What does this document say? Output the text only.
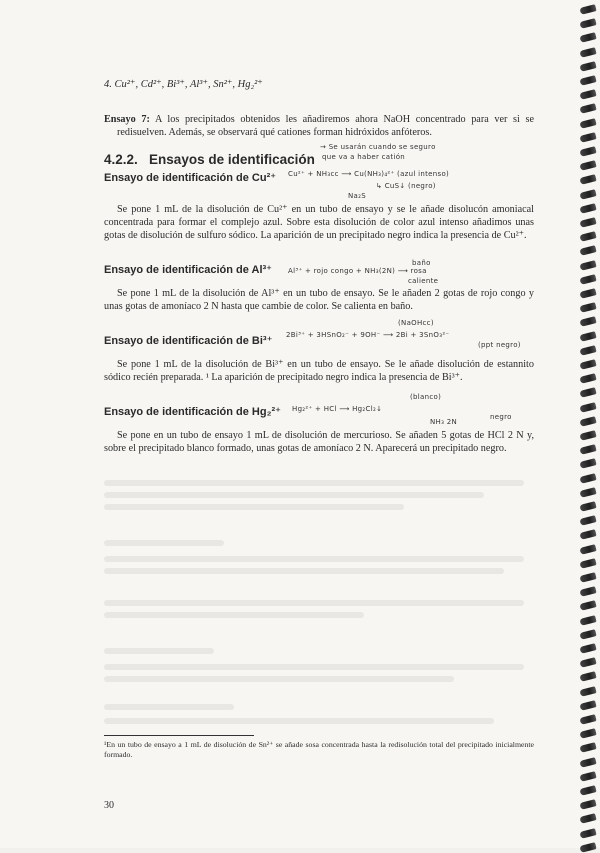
4. Cu²⁺, Cd²⁺, Bi³⁺, Al³⁺, Sn²⁺, Hg₂²⁺

Ensayo 7: A los precipitados obtenidos les añadiremos ahora NaOH concentrado para ver si se redisuelven. Además, se observará qué cationes forman hidróxidos anfóteros.

4.2.2. Ensayos de identificación
Ensayo de identificación de Cu²⁺

Se pone 1 mL de la disolución de Cu²⁺ en un tubo de ensayo y se le añade disolucón amoniacal concentrada para formar el complejo azul. Sobre esta disolución de color azul intenso añadimos unas gotas de disolución de sulfuro sódico. La aparición de un precipitado negro indica la presencia de Cu²⁺.

Ensayo de identificación de Al³⁺

Se pone 1 mL de la disolución de Al³⁺ en un tubo de ensayo. Se le añaden 2 gotas de rojo congo y unas gotas de amoníaco 2 N hasta que cambie de color. Se calienta en baño.

Ensayo de identificación de Bi³⁺

Se pone 1 mL de la disolución de Bi³⁺ en un tubo de ensayo. Se le añade disolución de estannito sódico recién preparada. ¹ La aparición de precipitado negro indica la presencia de Bi³⁺.

Ensayo de identificación de Hg₂²⁺

Se pone en un tubo de ensayo 1 mL de disolución de mercurioso. Se añaden 5 gotas de HCl 2 N y, sobre el precipitado blanco formado, unas gotas de amoníaco 2 N. Aparecerá un precipitado negro.

→ Se usarán cuando se seguro
que va a haber catión
Cu²⁺ + NH₃cc ⟶ Cu(NH₃)₄²⁺ (azul intenso)
↳ CuS↓ (negro)
Na₂S
baño
Al³⁺ + rojo congo + NH₃(2N) ⟶ rosa
caliente
(NaOHcc)
2Bi³⁺ + 3HSnO₂⁻ + 9OH⁻ ⟶ 2Bi + 3SnO₃²⁻
(ppt negro)
(blanco)
Hg₂²⁺ + HCl ⟶ Hg₂Cl₂↓
NH₃ 2N
negro
¹En un tubo de ensayo a 1 mL de disolución de Sn²⁺ se añade sosa concentrada hasta la redisolución total del precipitado inicialmente formado.
30
